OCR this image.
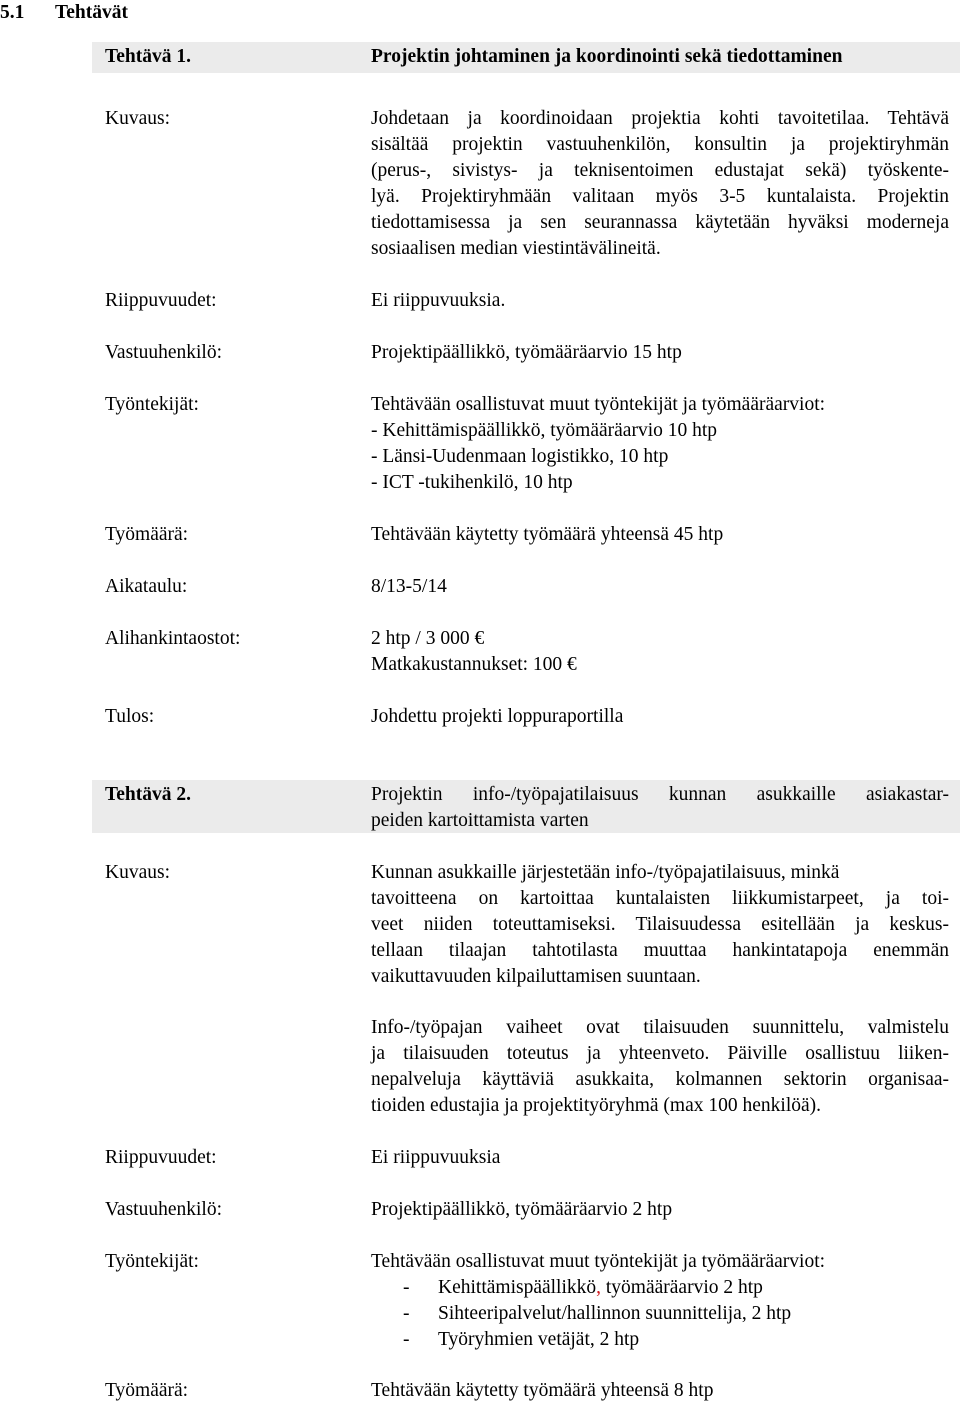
5.1 Tehtävät
Tehtävä 1.	Projektin johtaminen ja koordinointi sekä tiedottaminen
Kuvaus:	Johdetaan ja koordinoidaan projektia kohti tavoitetilaa. Tehtävä
sisältää projektin vastuuhenkilön, konsultin ja projektiryhmän
(perus-, sivistys- ja teknisentoimen edustajat sekä) työskente-
lyä. Projektiryhmään valitaan myös 3-5 kuntalaista. Projektin
tiedottamisessa ja sen seurannassa käytetään hyväksi moderneja
sosiaalisen median viestintävälineitä.
Riippuvuudet:	Ei riippuvuuksia.
Vastuuhenkilö:	Projektipäällikkö, työmääräarvio 15 htp
Työntekijät:	Tehtävään osallistuvat muut työntekijät ja työmääräarviot:
- Kehittämispäällikkö, työmääräarvio 10 htp
- Länsi-Uudenmaan logistikko, 10 htp
- ICT -tukihenkilö, 10 htp
Työmäärä:	Tehtävään käytetty työmäärä yhteensä 45 htp
Aikataulu:	8/13-5/14
Alihankintaostot:	2 htp / 3 000 €
Matkakustannukset: 100 €
Tulos:	Johdettu projekti loppuraportilla
Tehtävä 2.	Projektin info-/työpajatilaisuus kunnan asukkaille asiakastar-
peiden kartoittamista varten
Kuvaus:	Kunnan asukkaille järjestetään info-/työpajatilaisuus, minkä
tavoitteena on kartoittaa kuntalaisten liikkumistarpeet, ja toi-
veet niiden toteuttamiseksi. Tilaisuudessa esitellään ja keskus-
tellaan tilaajan tahtotilasta muuttaa hankintatapoja enemmän
vaikuttavuuden kilpailuttamisen suuntaan.
Info-/työpajan vaiheet ovat tilaisuuden suunnittelu, valmistelu
ja tilaisuuden toteutus ja yhteenveto. Päiville osallistuu liiken-
nepalveluja käyttäviä asukkaita, kolmannen sektorin organisaa-
tioiden edustajia ja projektityöryhmä (max 100 henkilöä).
Riippuvuudet:	Ei riippuvuuksia
Vastuuhenkilö:	Projektipäällikkö, työmääräarvio 2 htp
Työntekijät:	Tehtävään osallistuvat muut työntekijät ja työmääräarviot:
- Kehittämispäällikkö, työmääräarvio 2 htp
- Sihteeripalvelut/hallinnon suunnittelija, 2 htp
- Työryhmien vetäjät, 2 htp
Työmäärä:	Tehtävään käytetty työmäärä yhteensä 8 htp
